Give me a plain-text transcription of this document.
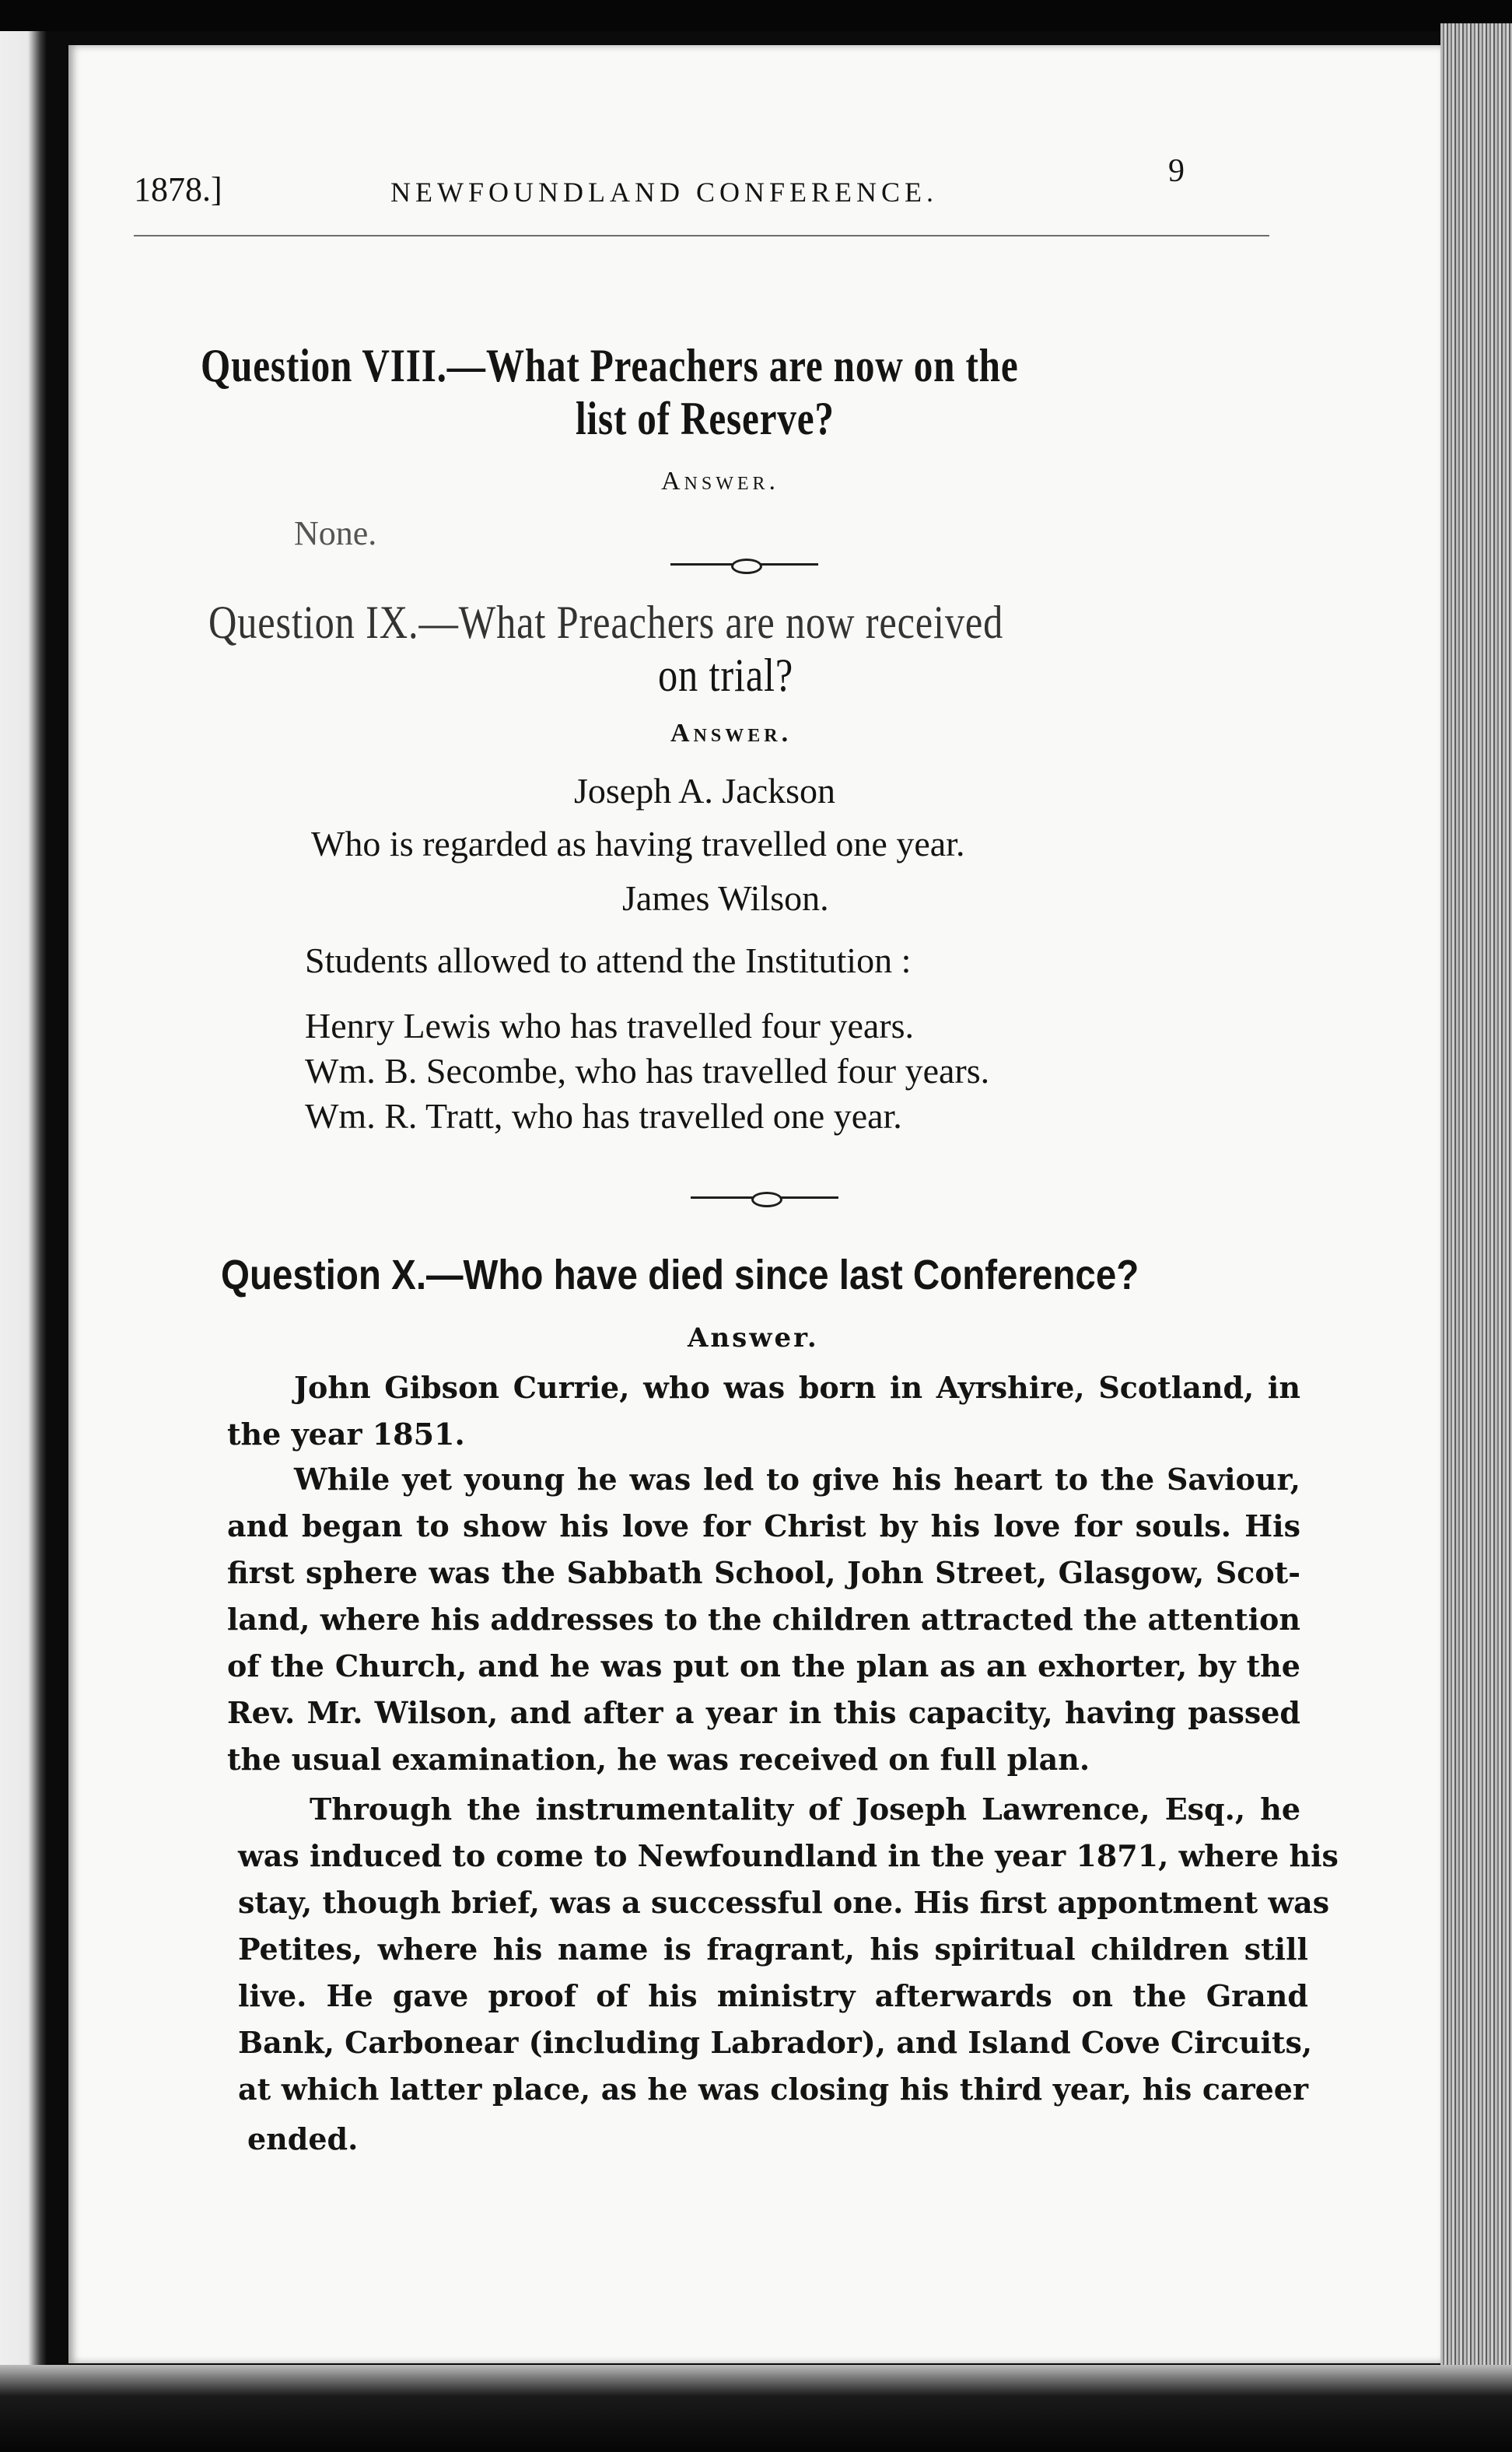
1878.]	NEWFOUNDLAND CONFERENCE.
9
Question VIII.—What Preachers are now on the
list of Reserve?
Answer.
None.
Question IX.—What Preachers are now received
on trial?
Answer.
Joseph A. Jackson
Who is regarded as having travelled one year.
James Wilson.
Students allowed to attend the Institution :
Henry Lewis who has travelled four years.
Wm. B. Secombe, who has travelled four years.
Wm. R. Tratt, who has travelled one year.
Question X.—Who have died since last Conference?
Answer.
John Gibson Currie, who was born in Ayrshire, Scotland, in
the year 1851.
While yet young he was led to give his heart to the Saviour,
and began to show his love for Christ by his love for souls. His
first sphere was the Sabbath School, John Street, Glasgow, Scot-
land, where his addresses to the children attracted the attention
of the Church, and he was put on the plan as an exhorter, by the
Rev. Mr. Wilson, and after a year in this capacity, having passed
the usual examination, he was received on full plan.
Through the instrumentality of Joseph Lawrence, Esq., he
was induced to come to Newfoundland in the year 1871, where his
stay, though brief, was a successful one. His first appontment was
Petites, where his name is fragrant, his spiritual children still
live. He gave proof of his ministry afterwards on the Grand
Bank, Carbonear (including Labrador), and Island Cove Circuits,
at which latter place, as he was closing his third year, his career
ended.
